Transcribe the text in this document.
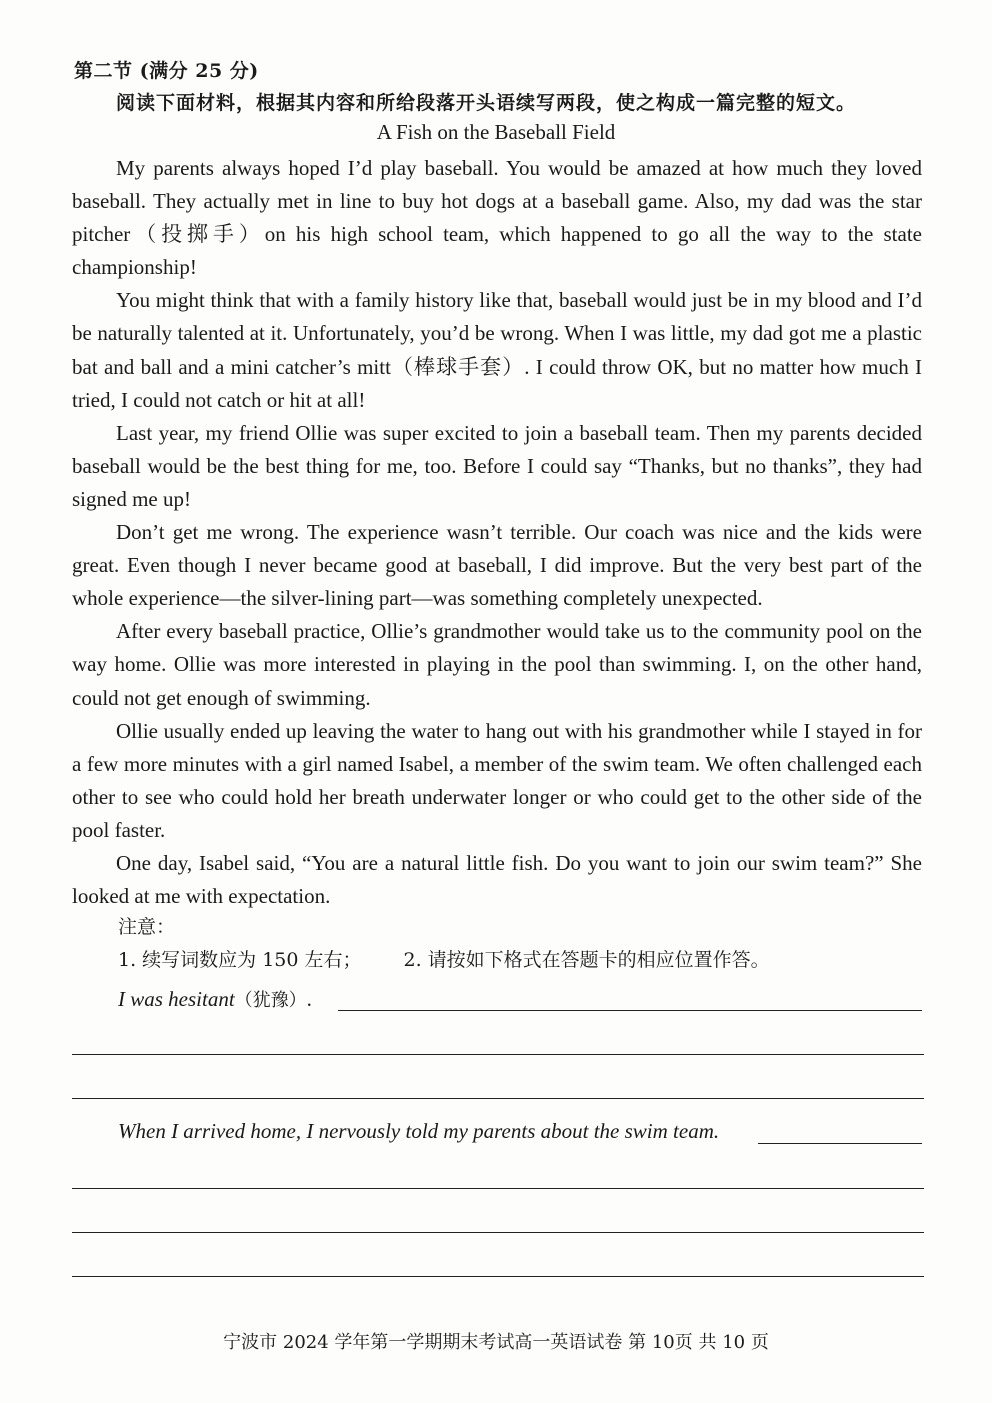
第二节 (满分 25 分)
阅读下面材料，根据其内容和所给段落开头语续写两段，使之构成一篇完整的短文。
A Fish on the Baseball Field

My parents always hoped I’d play baseball. You would be amazed at how much they loved baseball. They actually met in line to buy hot dogs at a baseball game. Also, my dad was the star pitcher（投掷手）on his high school team, which happened to go all the way to the state championship!

You might think that with a family history like that, baseball would just be in my blood and I’d be naturally talented at it. Unfortunately, you’d be wrong. When I was little, my dad got me a plastic bat and ball and a mini catcher’s mitt（棒球手套）. I could throw OK, but no matter how much I tried, I could not catch or hit at all!

Last year, my friend Ollie was super excited to join a baseball team. Then my parents decided baseball would be the best thing for me, too. Before I could say “Thanks, but no thanks”, they had signed me up!

Don’t get me wrong. The experience wasn’t terrible. Our coach was nice and the kids were great. Even though I never became good at baseball, I did improve. But the very best part of the whole experience—the silver-lining part—was something completely unexpected.

After every baseball practice, Ollie’s grandmother would take us to the community pool on the way home. Ollie was more interested in playing in the pool than swimming. I, on the other hand, could not get enough of swimming.

Ollie usually ended up leaving the water to hang out with his grandmother while I stayed in for a few more minutes with a girl named Isabel, a member of the swim team. We often challenged each other to see who could hold her breath underwater longer or who could get to the other side of the pool faster.

One day, Isabel said, “You are a natural little fish. Do you want to join our swim team?” She looked at me with expectation.

注意：
1. 续写词数应为 150 左右； 2. 请按如下格式在答题卡的相应位置作答。
I was hesitant（犹豫）.
When I arrived home, I nervously told my parents about the swim team.
宁波市 2024 学年第一学期期末考试高一英语试卷 第 10页 共 10 页
